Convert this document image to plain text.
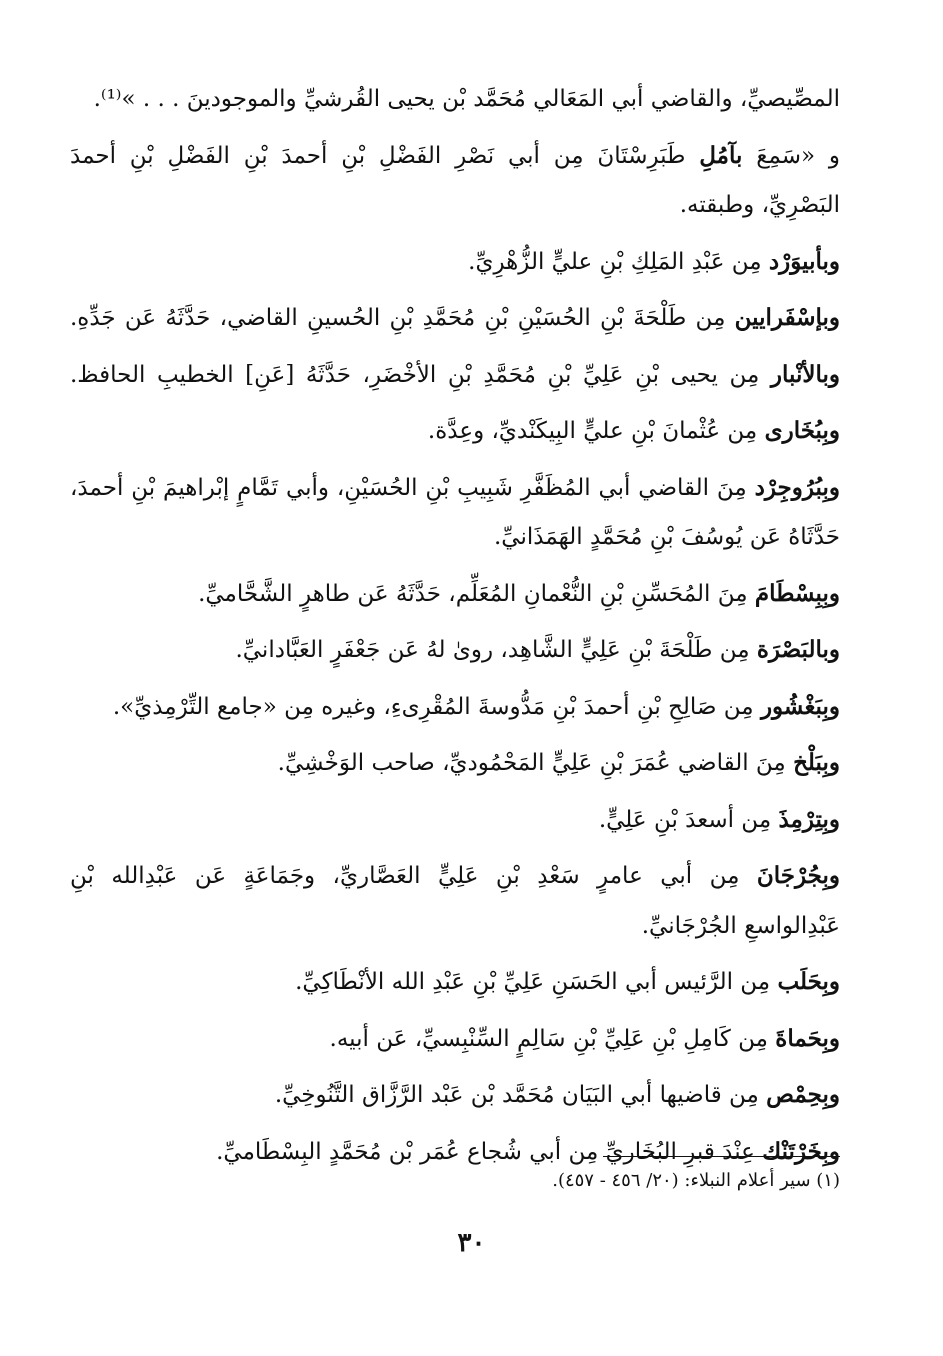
المصِّيصيِّ، والقاضي أبي المَعَالي مُحَمَّد بْن يحيى القُرشيِّ والموجودينَ . . . »⁽¹⁾.
و «سَمِعَ بآمُلِ طَبَرِسْتَانَ مِن أبي نَصْرِ الفَضْلِ بْنِ أحمدَ بْنِ الفَضْلِ بْنِ أحمدَ
البَصْرِيِّ، وطبقته.
وبأبيوَرْد مِن عَبْدِ المَلِكِ بْنِ عليٍّ الزُّهْرِيِّ.
وبإسْفَرايين مِن طَلْحَةَ بْنِ الحُسَيْنِ بْنِ مُحَمَّدِ بْنِ الحُسينِ القاضي، حَدَّثَهُ عَن جَدِّهِ.
وبالأنْبار مِن يحيى بْنِ عَلِيِّ بْنِ مُحَمَّدِ بْنِ الأخْضَرِ، حَدَّثَهُ [عَنِ] الخطيبِ الحافظ.
وبِبُخَارى مِن عُثْمانَ بْنِ عليٍّ البِيكَنْديِّ، وعِدَّة.
وبِبُرُوجِرْد مِنَ القاضي أبي المُظَفَّرِ شَبِيبِ بْنِ الحُسَيْنِ، وأبي تَمَّامٍ إبْراهيمَ بْنِ أحمدَ،
حَدَّثَاهُ عَن يُوسُفَ بْنِ مُحَمَّدٍ الهَمَذَانيِّ.
وبِبِسْطَامَ مِنَ المُحَسِّنِ بْنِ النُّعْمانِ المُعَلِّم، حَدَّثَهُ عَن طاهرٍ الشَّحَّاميِّ.
وبالبَصْرَة مِن طَلْحَةَ بْنِ عَلِيٍّ الشَّاهِد، روىٰ لهُ عَن جَعْفَرٍ العَبَّادانيِّ.
وبِبَغْشُور مِن صَالِحِ بْنِ أحمدَ بْنِ مَدُّوسةَ المُقْرِىءِ، وغيره مِن «جامع التِّرْمِذيِّ».
وبِبَلْخ مِنَ القاضي عُمَرَ بْنِ عَلِيٍّ المَحْمُوديِّ، صاحب الوَخْشِيِّ.
وبِتِرْمِذَ مِن أسعدَ بْنِ عَلِيٍّ.
وبِجُرْجَانَ مِن أبي عامرٍ سَعْدِ بْنِ عَلِيٍّ العَصَّاريِّ، وجَمَاعَةٍ عَن عَبْدِالله بْنِ
عَبْدِالواسعِ الجُرْجَانيِّ.
وبِحَلَب مِن الرَّئيس أبي الحَسَنِ عَلِيِّ بْنِ عَبْدِ الله الأنْطَاكِيِّ.
وبِحَماةَ مِن كَامِلِ بْنِ عَلِيِّ بْنِ سَالِمٍ السِّنْبِسيِّ، عَن أبيه.
وبِحِمْص مِن قاضيها أبي البَيَان مُحَمَّد بْن عَبْد الرَّزَّاق التَّنُوخِيِّ.
وبِخَرْتَنْك عِنْدَ قبرِ البُخَاريِّ مِن أبي شُجاع عُمَر بْن مُحَمَّدٍ البِسْطَاميِّ.
(١) سير أعلام النبلاء: (٢٠/ ٤٥٦ - ٤٥٧).
٣٠
